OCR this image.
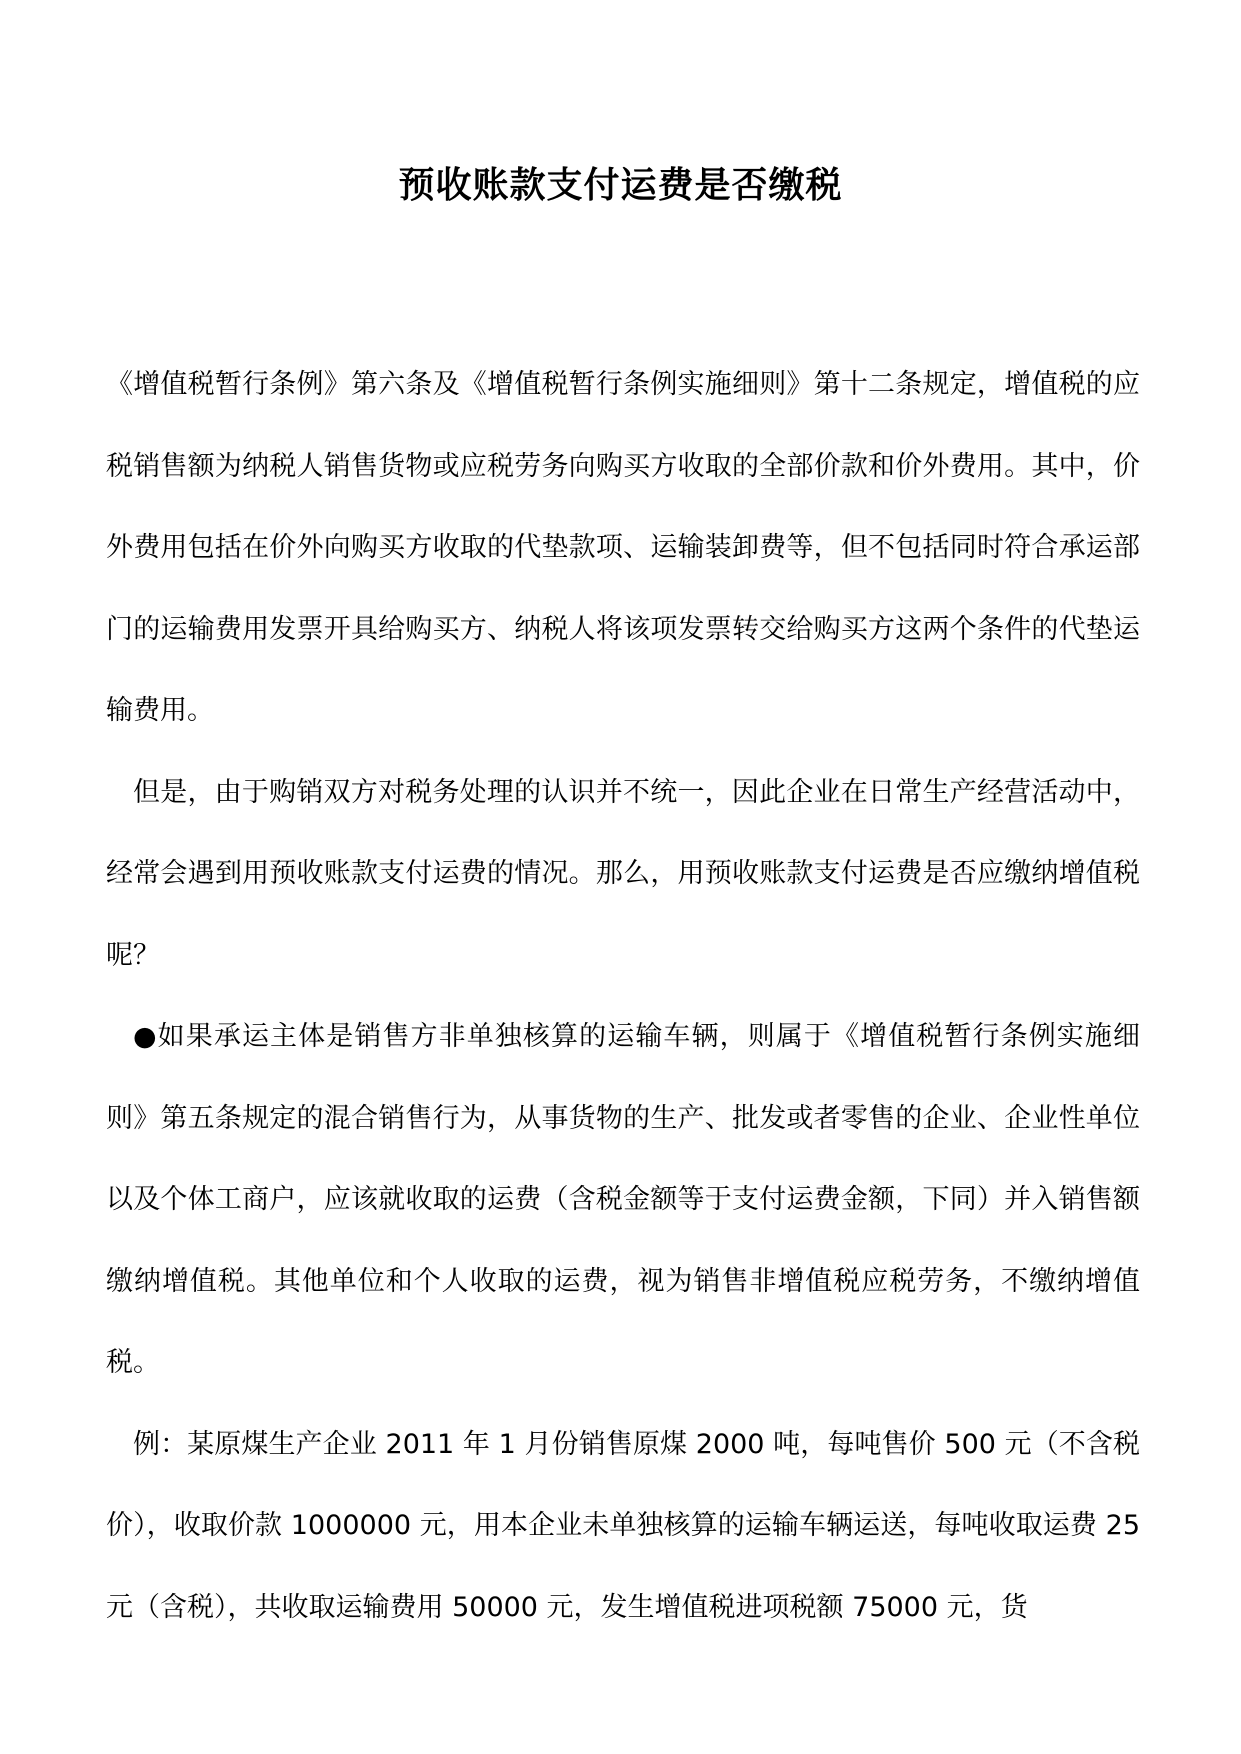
预收账款支付运费是否缴税

《增值税暂行条例》第六条及《增值税暂行条例实施细则》第十二条规定，增值税的应税销售额为纳税人销售货物或应税劳务向购买方收取的全部价款和价外费用。其中，价外费用包括在价外向购买方收取的代垫款项、运输装卸费等，但不包括同时符合承运部门的运输费用发票开具给购买方、纳税人将该项发票转交给购买方这两个条件的代垫运输费用。

但是，由于购销双方对税务处理的认识并不统一，因此企业在日常生产经营活动中，经常会遇到用预收账款支付运费的情况。那么，用预收账款支付运费是否应缴纳增值税呢？

●如果承运主体是销售方非单独核算的运输车辆，则属于《增值税暂行条例实施细则》第五条规定的混合销售行为，从事货物的生产、批发或者零售的企业、企业性单位以及个体工商户，应该就收取的运费（含税金额等于支付运费金额，下同）并入销售额缴纳增值税。其他单位和个人收取的运费，视为销售非增值税应税劳务，不缴纳增值税。

例：某原煤生产企业 2011 年 1 月份销售原煤 2000 吨，每吨售价 500 元（不含税价），收取价款 1000000 元，用本企业未单独核算的运输车辆运送，每吨收取运费 25 元（含税），共收取运输费用 50000 元，发生增值税进项税额 75000 元，货
